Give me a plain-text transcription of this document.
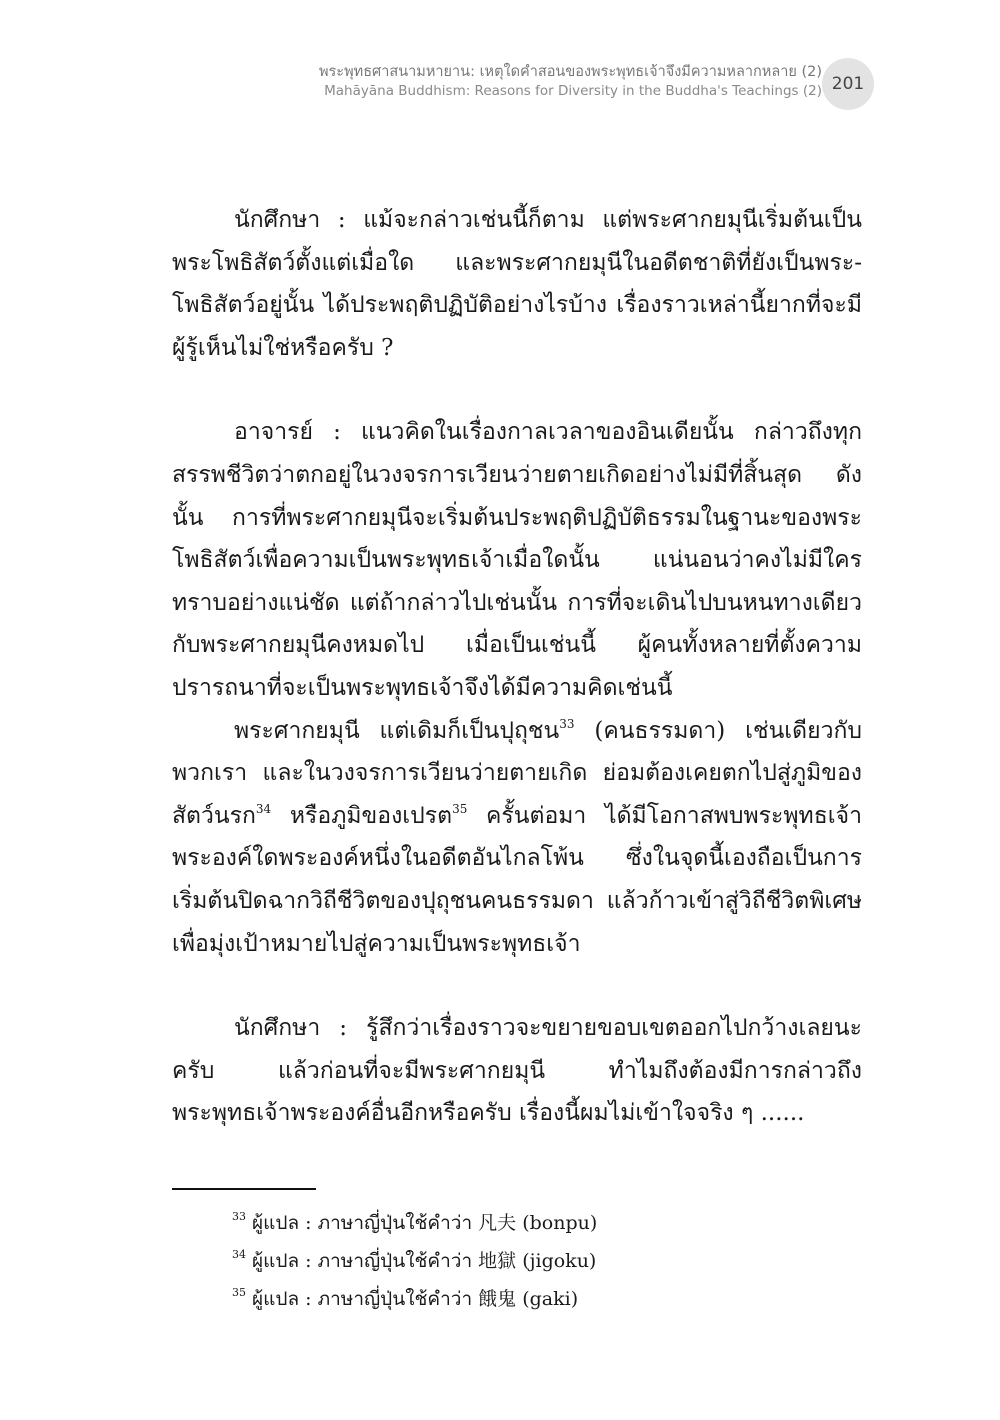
พระพุทธศาสนามหายาน: เหตุใดคำสอนของพระพุทธเจ้าจึงมีความหลากหลาย (2)
Mahāyāna Buddhism: Reasons for Diversity in the Buddha's Teachings (2) 201

นักศึกษา : แม้จะกล่าวเช่นนี้ก็ตาม แต่พระศากยมุนีเริ่มต้นเป็นพระโพธิสัตว์ตั้งแต่เมื่อใด และพระศากยมุนีในอดีตชาติที่ยังเป็นพระ-โพธิสัตว์อยู่นั้น ได้ประพฤติปฏิบัติอย่างไรบ้าง เรื่องราวเหล่านี้ยากที่จะมีผู้รู้เห็นไม่ใช่หรือครับ ?

อาจารย์ : แนวคิดในเรื่องกาลเวลาของอินเดียนั้น กล่าวถึงทุกสรรพชีวิตว่าตกอยู่ในวงจรการเวียนว่ายตายเกิดอย่างไม่มีที่สิ้นสุด ดังนั้น การที่พระศากยมุนีจะเริ่มต้นประพฤติปฏิบัติธรรมในฐานะของพระโพธิสัตว์เพื่อความเป็นพระพุทธเจ้าเมื่อใดนั้น แน่นอนว่าคงไม่มีใครทราบอย่างแน่ชัด แต่ถ้ากล่าวไปเช่นนั้น การที่จะเดินไปบนหนทางเดียวกับพระศากยมุนีคงหมดไป เมื่อเป็นเช่นนี้ ผู้คนทั้งหลายที่ตั้งความปรารถนาที่จะเป็นพระพุทธเจ้าจึงได้มีความคิดเช่นนี้

พระศากยมุนี แต่เดิมก็เป็นปุถุชน$^{33}$ (คนธรรมดา) เช่นเดียวกับพวกเรา และในวงจรการเวียนว่ายตายเกิด ย่อมต้องเคยตกไปสู่ภูมิของสัตว์นรก$^{34}$ หรือภูมิของเปรต$^{35}$ ครั้นต่อมา ได้มีโอกาสพบพระพุทธเจ้าพระองค์ใดพระองค์หนึ่งในอดีตอันไกลโพ้น ซึ่งในจุดนี้เองถือเป็นการเริ่มต้นปิดฉากวิถีชีวิตของปุถุชนคนธรรมดา แล้วก้าวเข้าสู่วิถีชีวิตพิเศษเพื่อมุ่งเป้าหมายไปสู่ความเป็นพระพุทธเจ้า

นักศึกษา : รู้สึกว่าเรื่องราวจะขยายขอบเขตออกไปกว้างเลยนะครับ แล้วก่อนที่จะมีพระศากยมุนี ทำไมถึงต้องมีการกล่าวถึงพระพุทธเจ้าพระองค์อื่นอีกหรือครับ เรื่องนี้ผมไม่เข้าใจจริง ๆ ......

$^{33}$ ผู้แปล : ภาษาญี่ปุ่นใช้คำว่า 凡夫 (bonpu)
$^{34}$ ผู้แปล : ภาษาญี่ปุ่นใช้คำว่า 地獄 (jigoku)
$^{35}$ ผู้แปล : ภาษาญี่ปุ่นใช้คำว่า 餓鬼 (gaki)
